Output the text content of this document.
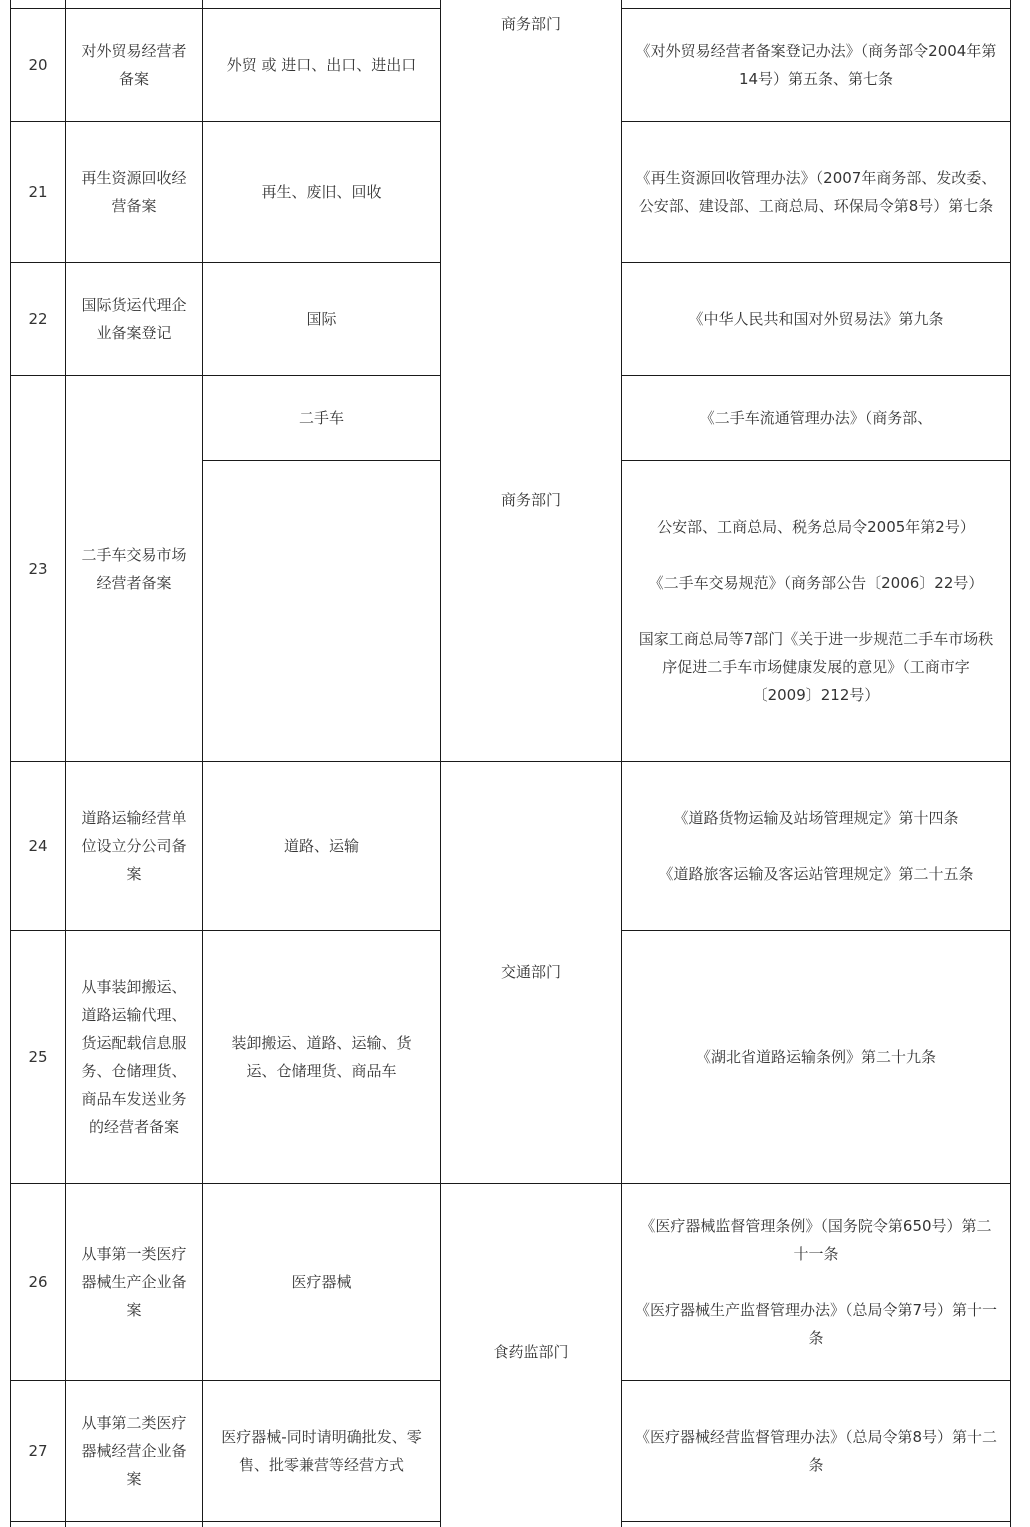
商务部门
商务部门
交通部门
食药监部门
20
对外贸易经营者备案
外贸 或 进口、出口、进出口

《对外贸易经营者备案登记办法》（商务部令2004年第14号）第五条、第七条

21
再生资源回收经营备案
再生、废旧、回收

《再生资源回收管理办法》（2007年商务部、发改委、公安部、建设部、工商总局、环保局令第8号）第七条

22
国际货运代理企业备案登记
国际	《中华人民共和国对外贸易法》第九条

23
二手车交易市场经营者备案
二手车	《二手车流通管理办法》（商务部、

公安部、工商总局、税务总局令2005年第2号）

《二手车交易规范》（商务部公告〔2006〕22号）

国家工商总局等7部门《关于进一步规范二手车市场秩序促进二手车市场健康发展的意见》（工商市字〔2009〕212号）

24
道路运输经营单位设立分公司备案
道路、运输

《道路货物运输及站场管理规定》第十四条

《道路旅客运输及客运站管理规定》第二十五条

25
从事装卸搬运、道路运输代理、货运配载信息服务、仓储理货、商品车发送业务的经营者备案
装卸搬运、道路、运输、货运、仓储理货、商品车

《湖北省道路运输条例》第二十九条

26
从事第一类医疗器械生产企业备案
医疗器械

《医疗器械监督管理条例》（国务院令第650号）第二十一条

《医疗器械生产监督管理办法》（总局令第7号）第十一条

27
从事第二类医疗器械经营企业备案
医疗器械-同时请明确批发、零售、批零兼营等经营方式

《医疗器械经营监督管理办法》（总局令第8号）第十二条
